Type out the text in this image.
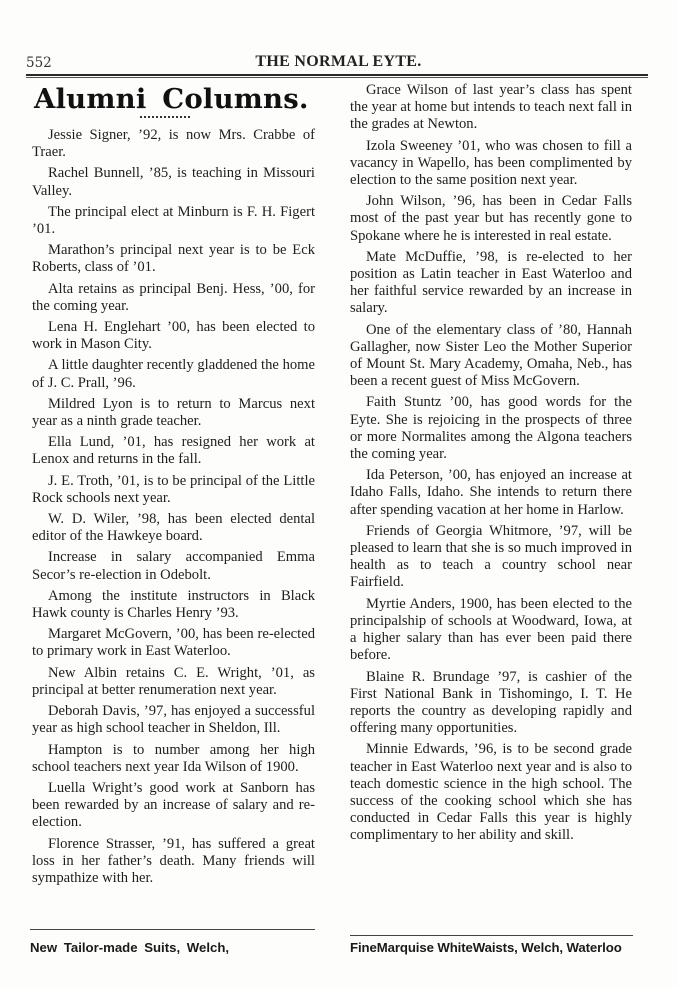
552	THE NORMAL EYTE.
Alumni Columns.

Jessie Signer, ’92, is now Mrs. Crabbe of Traer.

Rachel Bunnell, ’85, is teaching in Missouri Valley.

The principal elect at Minburn is F. H. Figert ’01.

Marathon’s principal next year is to be Eck Roberts, class of ’01.

Alta retains as principal Benj. Hess, ’00, for the coming year.

Lena H. Englehart ’00, has been elected to work in Mason City.

A little daughter recently gladdened the home of J. C. Prall, ’96.

Mildred Lyon is to return to Marcus next year as a ninth grade teacher.

Ella Lund, ’01, has resigned her work at Lenox and returns in the fall.

J. E. Troth, ’01, is to be principal of the Little Rock schools next year.

W. D. Wiler, ’98, has been elected dental editor of the Hawkeye board.

Increase in salary accompanied Emma Secor’s re-election in Odebolt.

Among the institute instructors in Black Hawk county is Charles Henry ’93.

Margaret McGovern, ’00, has been re-elected to primary work in East Waterloo.

New Albin retains C. E. Wright, ’01, as principal at better renumeration next year.

Deborah Davis, ’97, has enjoyed a successful year as high school teacher in Sheldon, Ill.

Hampton is to number among her high school teachers next year Ida Wilson of 1900.

Luella Wright’s good work at Sanborn has been rewarded by an increase of salary and re-election.

Florence Strasser, ’91, has suffered a great loss in her father’s death. Many friends will sympathize with her.

Grace Wilson of last year’s class has spent the year at home but intends to teach next fall in the grades at Newton.

Izola Sweeney ’01, who was chosen to fill a vacancy in Wapello, has been complimented by election to the same position next year.

John Wilson, ’96, has been in Cedar Falls most of the past year but has recently gone to Spokane where he is interested in real estate.

Mate McDuffie, ’98, is re-elected to her position as Latin teacher in East Waterloo and her faithful service rewarded by an increase in salary.

One of the elementary class of ’80, Hannah Gallagher, now Sister Leo the Mother Superior of Mount St. Mary Academy, Omaha, Neb., has been a recent guest of Miss McGovern.

Faith Stuntz ’00, has good words for the Eyte. She is rejoicing in the prospects of three or more Normalites among the Algona teachers the coming year.

Ida Peterson, ’00, has enjoyed an increase at Idaho Falls, Idaho. She intends to return there after spending vacation at her home in Harlow.

Friends of Georgia Whitmore, ’97, will be pleased to learn that she is so much improved in health as to teach a country school near Fairfield.

Myrtie Anders, 1900, has been elected to the principalship of schools at Woodward, Iowa, at a higher salary than has ever been paid there before.

Blaine R. Brundage ’97, is cashier of the First National Bank in Tishomingo, I. T. He reports the country as developing rapidly and offering many opportunities.

Minnie Edwards, ’96, is to be second grade teacher in East Waterloo next year and is also to teach domestic science in the high school. The success of the cooking school which she has conducted in Cedar Falls this year is highly complimentary to her ability and skill.

New Tailor-made Suits, Welch,	FineMarquise WhiteWaists, Welch, Waterloo
